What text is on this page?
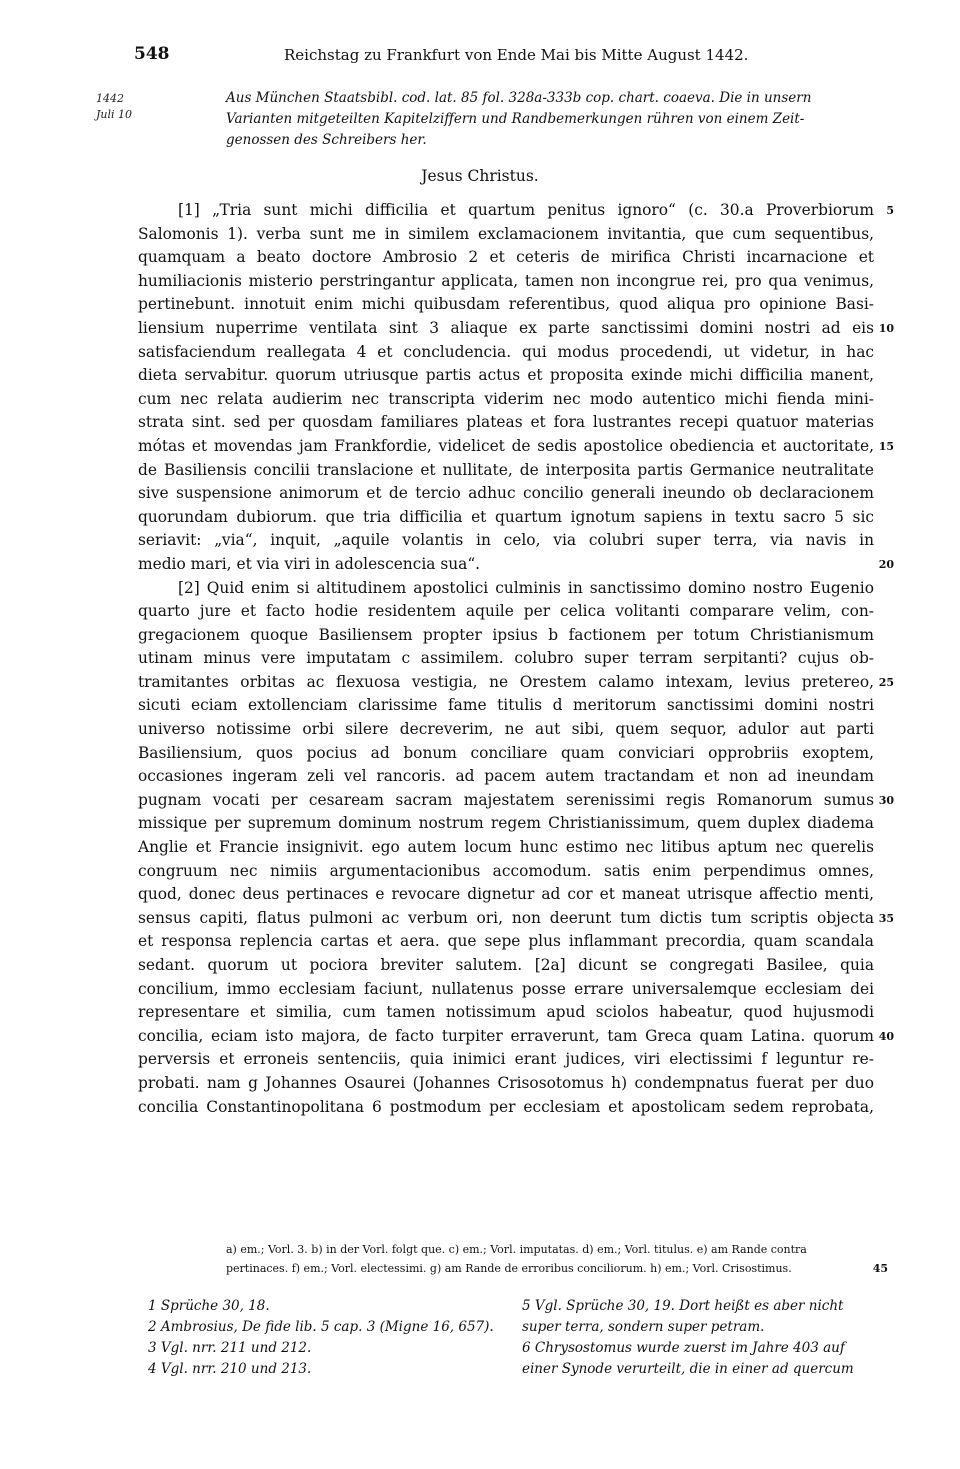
548	Reichstag zu Frankfurt von Ende Mai bis Mitte August 1442.
1442
Juli 10
Aus München Staatsbibl. cod. lat. 85 fol. 328a-333b cop. chart. coaeva. Die in unsern
Varianten mitgeteilten Kapitelziffern und Randbemerkungen rühren von einem Zeit-
genossen des Schreibers her.
Jesus Christus.
[1] „Tria sunt michi difficilia et quartum penitus ignoro“ (c. 30.a Proverbiorum 5
Salomonis 1). verba sunt me in similem exclamacionem invitantia, que cum sequentibus,
quamquam a beato doctore Ambrosio 2 et ceteris de mirifica Christi incarnacione et
humiliacionis misterio perstringantur applicata, tamen non incongrue rei, pro qua venimus,
pertinebunt. innotuit enim michi quibusdam referentibus, quod aliqua pro opinione Basi-
liensium nuperrime ventilata sint 3 aliaque ex parte sanctissimi domini nostri ad eis 10
satisfaciendum reallegata 4 et concludencia. qui modus procedendi, ut videtur, in hac
dieta servabitur. quorum utriusque partis actus et proposita exinde michi difficilia manent,
cum nec relata audierim nec transcripta viderim nec modo autentico michi fienda mini-
strata sint. sed per quosdam familiares plateas et fora lustrantes recepi quatuor materias
mótas et movendas jam Frankfordie, videlicet de sedis apostolice obediencia et auctoritate, 15
de Basiliensis concilii translacione et nullitate, de interposita partis Germanice neutralitate
sive suspensione animorum et de tercio adhuc concilio generali ineundo ob declaracionem
quorundam dubiorum. que tria difficilia et quartum ignotum sapiens in textu sacro 5 sic
seriavit: „via“, inquit, „aquile volantis in celo, via colubri super terra, via navis in
medio mari, et via viri in adolescencia sua“.	20
[2] Quid enim si altitudinem apostolici culminis in sanctissimo domino nostro Eugenio
quarto jure et facto hodie residentem aquile per celica volitanti comparare velim, con-
gregacionem quoque Basiliensem propter ipsius b factionem per totum Christianismum
utinam minus vere imputatam c assimilem. colubro super terram serpitanti? cujus ob-
tramitantes orbitas ac flexuosa vestigia, ne Orestem calamo intexam, levius pretereo, 25
sicuti eciam extollenciam clarissime fame titulis d meritorum sanctissimi domini nostri
universo notissime orbi silere decreverim, ne aut sibi, quem sequor, adulor aut parti
Basiliensium, quos pocius ad bonum conciliare quam conviciari opprobriis exoptem,
occasiones ingeram zeli vel rancoris. ad pacem autem tractandam et non ad ineundam
pugnam vocati per cesaream sacram majestatem serenissimi regis Romanorum sumus 30
missique per supremum dominum nostrum regem Christianissimum, quem duplex diadema
Anglie et Francie insignivit. ego autem locum hunc estimo nec litibus aptum nec querelis
congruum nec nimiis argumentacionibus accomodum. satis enim perpendimus omnes,
quod, donec deus pertinaces e revocare dignetur ad cor et maneat utrisque affectio menti,
sensus capiti, flatus pulmoni ac verbum ori, non deerunt tum dictis tum scriptis objecta 35
et responsa replencia cartas et aera. que sepe plus inflammant precordia, quam scandala
sedant. quorum ut pociora breviter salutem. [2a] dicunt se congregati Basilee, quia
concilium, immo ecclesiam faciunt, nullatenus posse errare universalemque ecclesiam dei
representare et similia, cum tamen notissimum apud sciolos habeatur, quod hujusmodi
concilia, eciam isto majora, de facto turpiter erraverunt, tam Greca quam Latina. quorum 40
perversis et erroneis sentenciis, quia inimici erant judices, viri electissimi f leguntur re-
probati. nam g Johannes Osaurei (Johannes Crisosotomus h) condempnatus fuerat per duo
concilia Constantinopolitana 6 postmodum per ecclesiam et apostolicam sedem reprobata,
a) em.; Vorl. 3. b) in der Vorl. folgt que. c) em.; Vorl. imputatas. d) em.; Vorl. titulus. e) am Rande contra
pertinaces. f) em.; Vorl. electessimi. g) am Rande de erroribus conciliorum. h) em.; Vorl. Crisostimus.	45
1 Sprüche 30, 18.
2 Ambrosius, De fide lib. 5 cap. 3 (Migne 16, 657).
3 Vgl. nrr. 211 und 212.
4 Vgl. nrr. 210 und 213.
5 Vgl. Sprüche 30, 19. Dort heißt es aber nicht
super terra, sondern super petram.
6 Chrysostomus wurde zuerst im Jahre 403 auf
einer Synode verurteilt, die in einer ad quercum
